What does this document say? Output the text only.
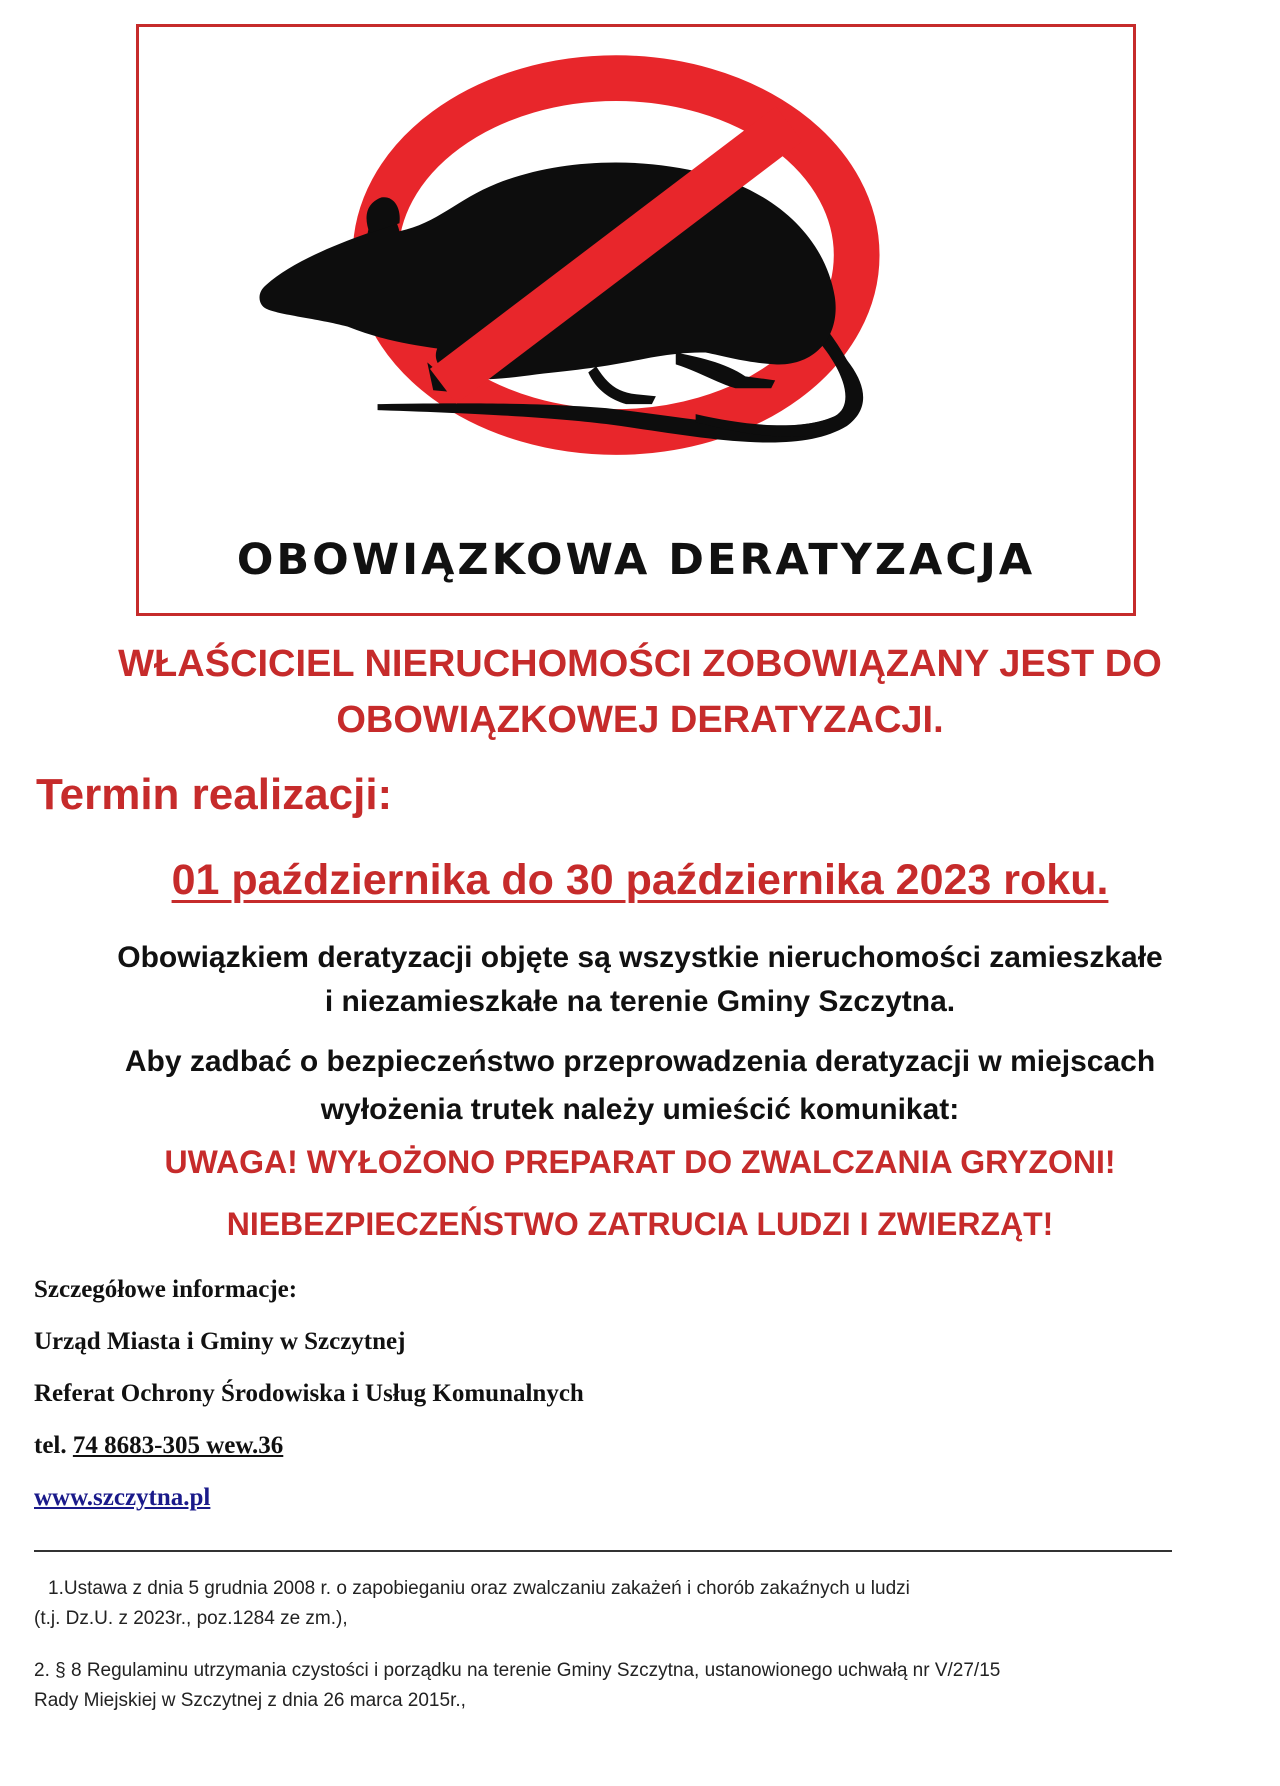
OBOWIĄZKOWA DERATYZACJA
WŁAŚCICIEL NIERUCHOMOŚCI ZOBOWIĄZANY JEST DO
OBOWIĄZKOWEJ DERATYZACJI.
Termin realizacji:
01 października do 30 października 2023 roku.
Obowiązkiem deratyzacji objęte są wszystkie nieruchomości zamieszkałe
i niezamieszkałe na terenie Gminy Szczytna.
Aby zadbać o bezpieczeństwo przeprowadzenia deratyzacji w miejscach
wyłożenia trutek należy umieścić komunikat:
UWAGA! WYŁOŻONO PREPARAT DO ZWALCZANIA GRYZONI!
NIEBEZPIECZEŃSTWO ZATRUCIA LUDZI I ZWIERZĄT!
Szczegółowe informacje:
Urząd Miasta i Gminy w Szczytnej
Referat Ochrony Środowiska i Usług Komunalnych
tel. 74 8683-305 wew.36
www.szczytna.pl
1.Ustawa z dnia 5 grudnia 2008 r. o zapobieganiu oraz zwalczaniu zakażeń i chorób zakaźnych u ludzi
(t.j. Dz.U. z 2023r., poz.1284 ze zm.),
2. § 8 Regulaminu utrzymania czystości i porządku na terenie Gminy Szczytna, ustanowionego uchwałą nr V/27/15
Rady Miejskiej w Szczytnej z dnia 26 marca 2015r.,
